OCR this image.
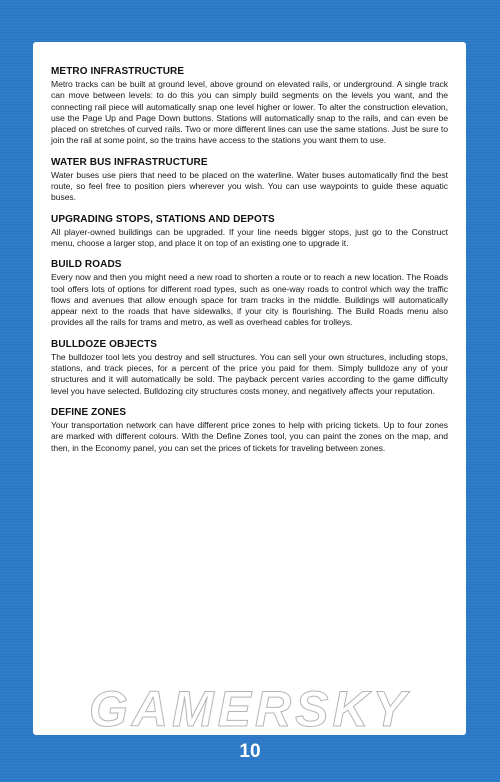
METRO INFRASTRUCTURE

Metro tracks can be built at ground level, above ground on elevated rails, or underground. A single track can move between levels: to do this you can simply build segments on the levels you want, and the connecting rail piece will automatically snap one level higher or lower. To alter the construction elevation, use the Page Up and Page Down buttons. Stations will automatically snap to the rails, and can even be placed on stretches of curved rails. Two or more different lines can use the same stations. Just be sure to join the rail at some point, so the trains have access to the stations you want them to use.

WATER BUS INFRASTRUCTURE

Water buses use piers that need to be placed on the waterline. Water buses automatically find the best route, so feel free to position piers wherever you wish. You can use waypoints to guide these aquatic buses.

UPGRADING STOPS, STATIONS AND DEPOTS

All player-owned buildings can be upgraded. If your line needs bigger stops, just go to the Construct menu, choose a larger stop, and place it on top of an existing one to upgrade it.

BUILD ROADS

Every now and then you might need a new road to shorten a route or to reach a new location. The Roads tool offers lots of options for different road types, such as one-way roads to control which way the traffic flows and avenues that allow enough space for tram tracks in the middle. Buildings will automatically appear next to the roads that have sidewalks, if your city is flourishing. The Build Roads menu also provides all the rails for trams and metro, as well as overhead cables for trolleys.

BULLDOZE OBJECTS

The bulldozer tool lets you destroy and sell structures. You can sell your own structures, including stops, stations, and track pieces, for a percent of the price you paid for them. Simply bulldoze any of your structures and it will automatically be sold. The payback percent varies according to the game difficulty level you have selected. Bulldozing city structures costs money, and negatively affects your reputation.

DEFINE ZONES

Your transportation network can have different price zones to help with pricing tickets. Up to four zones are marked with different colours. With the Define Zones tool, you can paint the zones on the map, and then, in the Economy panel, you can set the prices of tickets for traveling between zones.

GAMERSKY
10
